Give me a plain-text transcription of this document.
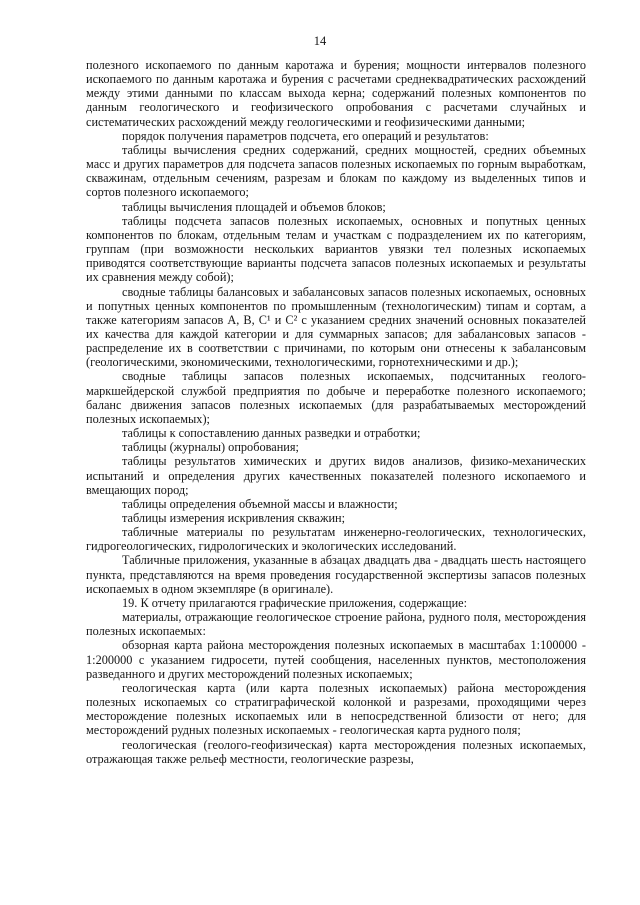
14

полезного ископаемого по данным каротажа и бурения; мощности интервалов полезного ископаемого по данным каротажа и бурения с расчетами среднеквадратических расхождений между этими данными по классам выхода керна; содержаний полезных компонентов по данным геологического и геофизического опробования с расчетами случайных и систематических расхождений между геологическими и геофизическими данными;

порядок получения параметров подсчета, его операций и результатов:

таблицы вычисления средних содержаний, средних мощностей, средних объемных масс и других параметров для подсчета запасов полезных ископаемых по горным выработкам, скважинам, отдельным сечениям, разрезам и блокам по каждому из выделенных типов и сортов полезного ископаемого;

таблицы вычисления площадей и объемов блоков;

таблицы подсчета запасов полезных ископаемых, основных и попутных ценных компонентов по блокам, отдельным телам и участкам с подразделением их по категориям, группам (при возможности нескольких вариантов увязки тел полезных ископаемых приводятся соответствующие варианты подсчета запасов полезных ископаемых и результаты их сравнения между собой);

сводные таблицы балансовых и забалансовых запасов полезных ископаемых, основных и попутных ценных компонентов по промышленным (технологическим) типам и сортам, а также категориям запасов A, B, C¹ и C² с указанием средних значений основных показателей их качества для каждой категории и для суммарных запасов; для забалансовых запасов - распределение их в соответствии с причинами, по которым они отнесены к забалансовым (геологическими, экономическими, технологическими, горнотехническими и др.);

сводные таблицы запасов полезных ископаемых, подсчитанных геолого-маркшейдерской службой предприятия по добыче и переработке полезного ископаемого; баланс движения запасов полезных ископаемых (для разрабатываемых месторождений полезных ископаемых);

таблицы к сопоставлению данных разведки и отработки;

таблицы (журналы) опробования;

таблицы результатов химических и других видов анализов, физико-механических испытаний и определения других качественных показателей полезного ископаемого и вмещающих пород;

таблицы определения объемной массы и влажности;

таблицы измерения искривления скважин;

табличные материалы по результатам инженерно-геологических, технологических, гидрогеологических, гидрологических и экологических исследований.

Табличные приложения, указанные в абзацах двадцать два - двадцать шесть настоящего пункта, представляются на время проведения государственной экспертизы запасов полезных ископаемых в одном экземпляре (в оригинале).

19. К отчету прилагаются графические приложения, содержащие:

материалы, отражающие геологическое строение района, рудного поля, месторождения полезных ископаемых:

обзорная карта района месторождения полезных ископаемых в масштабах 1:100000 - 1:200000 с указанием гидросети, путей сообщения, населенных пунктов, местоположения разведанного и других месторождений полезных ископаемых;

геологическая карта (или карта полезных ископаемых) района месторождения полезных ископаемых со стратиграфической колонкой и разрезами, проходящими через месторождение полезных ископаемых или в непосредственной близости от него; для месторождений рудных полезных ископаемых - геологическая карта рудного поля;

геологическая (геолого-геофизическая) карта месторождения полезных ископаемых, отражающая также рельеф местности, геологические разрезы,
